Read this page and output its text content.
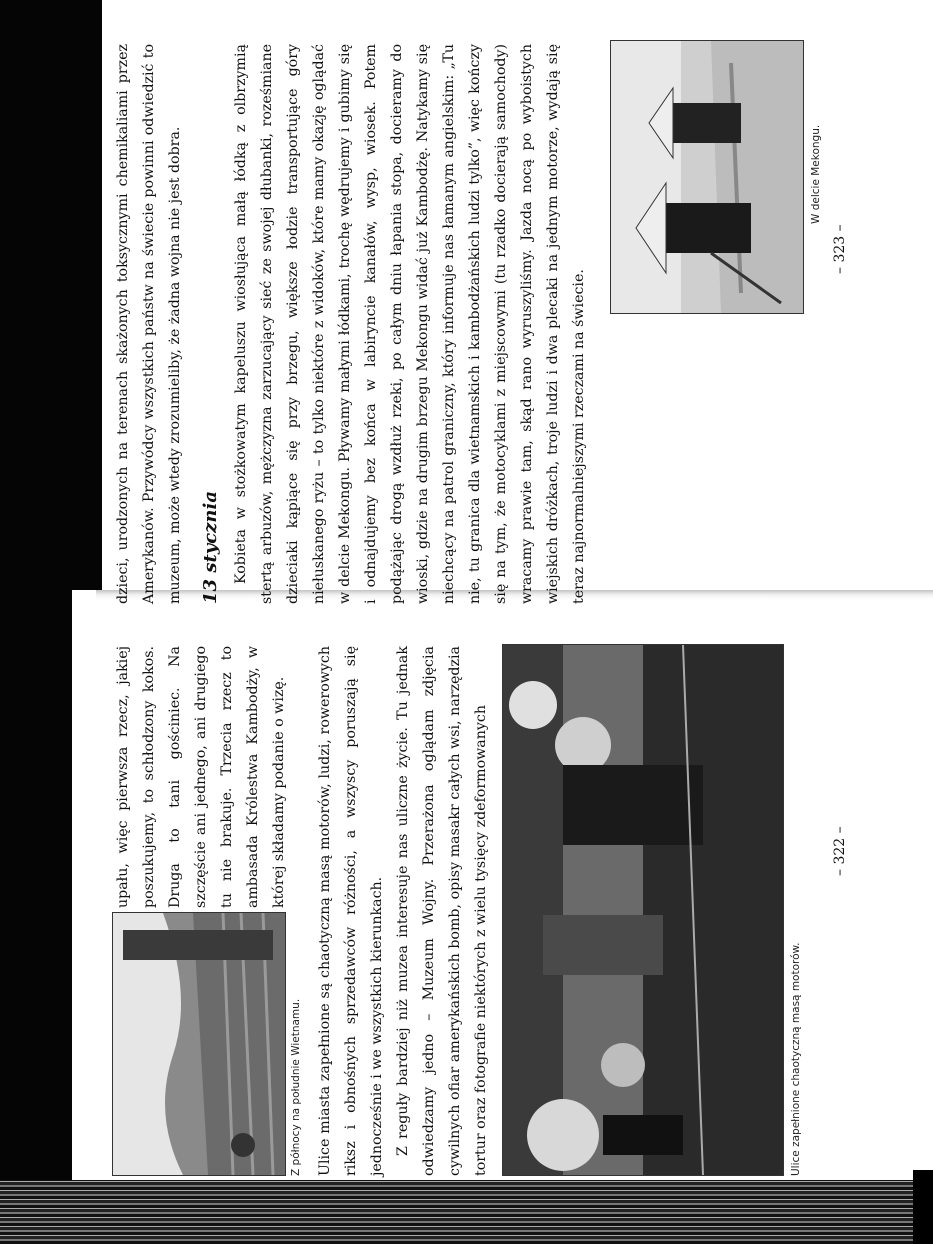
Z północy na południe Wietnamu.

upału, więc pierwsza rzecz, jakiej poszukujemy, to schłodzony kokos. Druga to tani gościniec. Na szczęście ani jednego, ani drugiego tu nie brakuje. Trzecia rzecz to ambasada Królestwa Kambodży, w której składamy podanie o wizę.	Ulice miasta zapełnione są chaotyczną masą motorów, ludzi, rowerowych riksz i obnośnych sprzedawców różności, a wszyscy poruszają się jednocześnie i we wszystkich kierunkach. Z reguły bardziej niż muzea interesuje nas uliczne życie. Tu jednak odwiedzamy jedno – Muzeum Wojny. Przerażona oglądam zdjęcia cywilnych ofiar amerykańskich bomb, opisy masakr całych wsi, narzędzia tortur oraz fotografie niektórych z wielu tysięcy zdeformowanych	Ulice zapełnione chaotyczną masą motorów.
– 322 –

dzieci, urodzonych na terenach skażonych toksycznymi chemikaliami przez Amerykanów. Przywódcy wszystkich państw na świecie powinni odwiedzić to muzeum, może wtedy zrozumieliby, że żadna wojna nie jest dobra. 13 stycznia Kobieta w stożkowatym kapeluszu wiosłująca małą łódką z olbrzymią stertą arbuzów, mężczyzna zarzucający sieć ze swojej dłubanki, roześmiane dzieciaki kąpiące się przy brzegu, większe łodzie transportujące góry niełuskanego ryżu – to tylko niektóre z widoków, które mamy okazję oglądać w delcie Mekongu. Pływamy małymi łódkami, trochę wędrujemy i gubimy się i odnajdujemy bez końca w labiryncie kanałów, wysp, wiosek. Potem podążając drogą wzdłuż rzeki, po całym dniu łapania stopa, docieramy do wioski, gdzie na drugim brzegu Mekongu widać już Kambodżę. Natykamy się niechcący na patrol graniczny, który informuje nas łamanym angielskim: „Tu nie, tu granica dla wietnamskich i kambodżańskich ludzi tylko”, więc kończy się na tym, że motocyklami z miejscowymi (tu rzadko docierają samochody) wracamy prawie tam, skąd rano wyruszyliśmy. Jazda nocą po wyboistych wiejskich dróżkach, troje ludzi i dwa plecaki na jednym motorze, wydają się teraz najnormalniejszymi rzeczami na świecie.

W delcie Mekongu.
– 323 –
